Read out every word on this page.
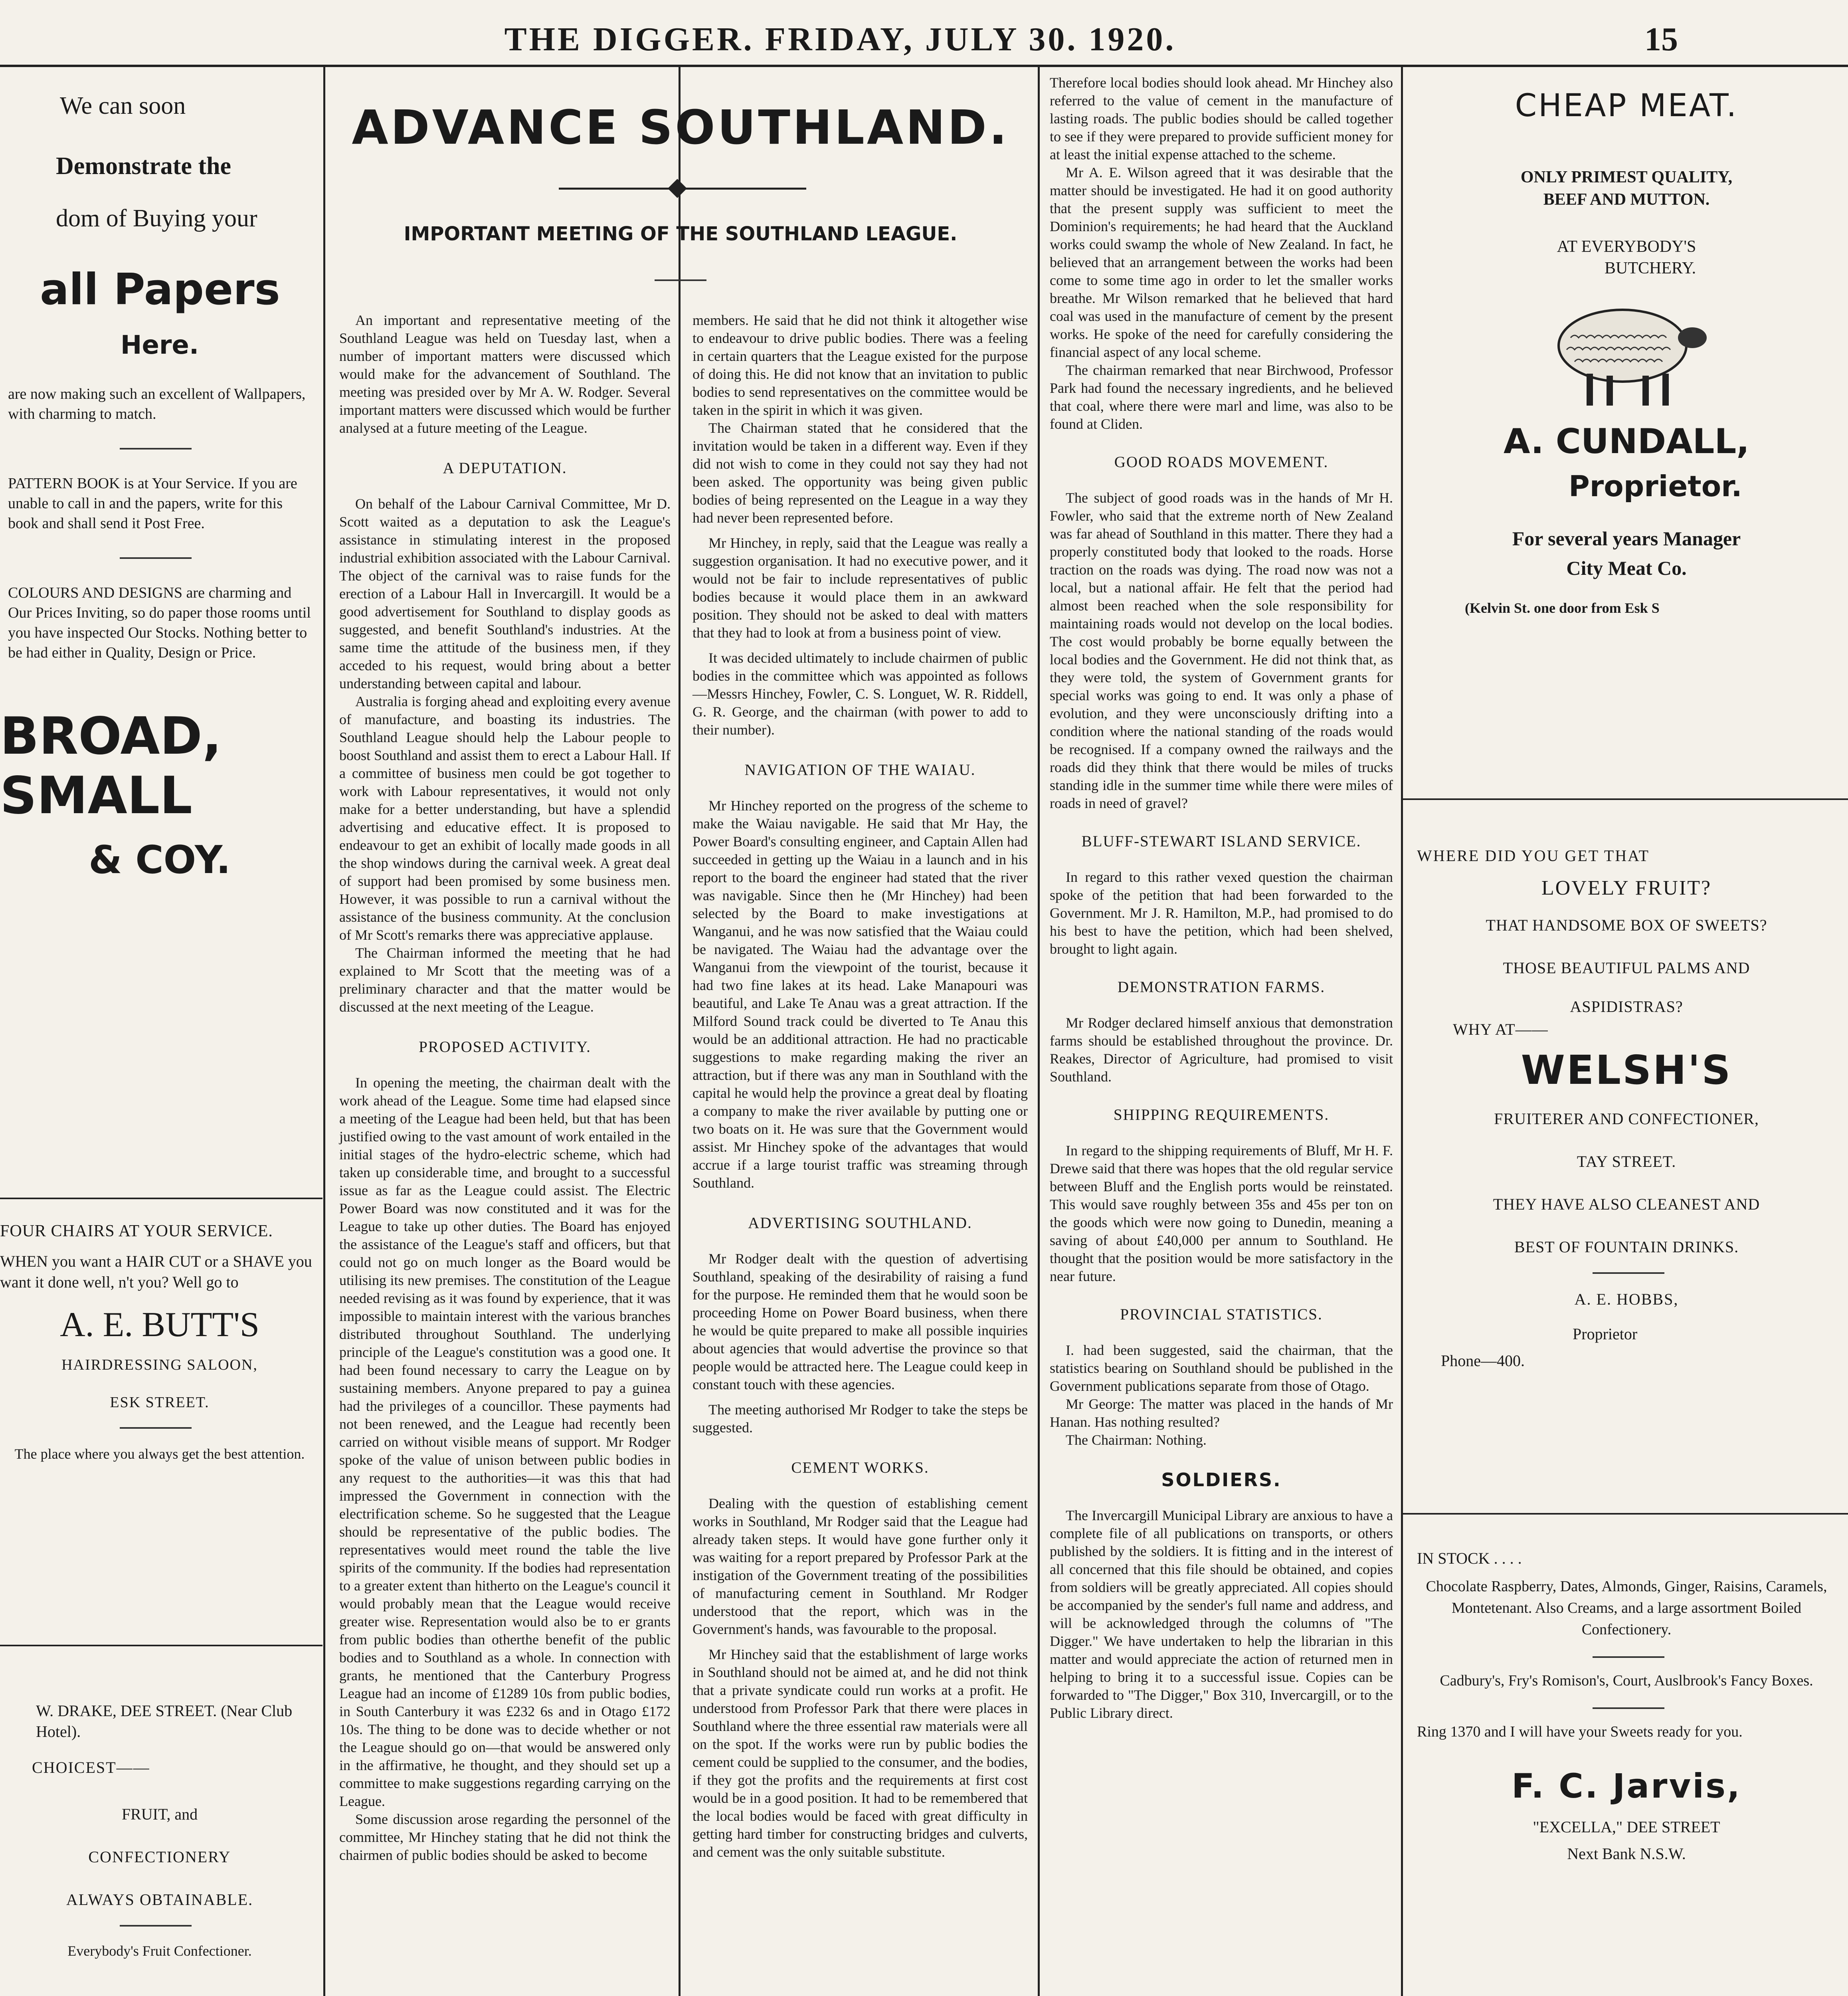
THE DIGGER. FRIDAY, JULY 30. 1920.	15
We can soon
Demonstrate the
dom of Buying your
all Papers
Here.
are now making such an excellent of Wallpapers, with charming to match.
PATTERN BOOK is at Your Service. If you are unable to call in and the papers, write for this book and shall send it Post Free.
COLOURS AND DESIGNS are charming and Our Prices Inviting, so do paper those rooms until you have inspected Our Stocks. Nothing better to be had either in Quality, Design or Price.
BROAD, SMALL
& COY.
FOUR CHAIRS AT YOUR SERVICE.
WHEN you want a HAIR CUT or a SHAVE you want it done well, n't you? Well go to
A. E. BUTT'S
HAIRDRESSING SALOON,
ESK STREET.
The place where you always get the best attention.
W. DRAKE, DEE STREET. (Near Club Hotel).
CHOICEST——
FRUIT, and
CONFECTIONERY
ALWAYS OBTAINABLE.
Everybody's Fruit Confectioner.
ADVANCE SOUTHLAND.
IMPORTANT MEETING OF THE SOUTHLAND LEAGUE.

An important and representative meeting of the Southland League was held on Tuesday last, when a number of important matters were discussed which would make for the advancement of Southland. The meeting was presided over by Mr A. W. Rodger. Several important matters were discussed which would be further analysed at a future meeting of the League.

A DEPUTATION.

On behalf of the Labour Carnival Committee, Mr D. Scott waited as a deputation to ask the League's assistance in stimulating interest in the proposed industrial exhibition associated with the Labour Carnival. The object of the carnival was to raise funds for the erection of a Labour Hall in Invercargill. It would be a good advertisement for Southland to display goods as suggested, and benefit Southland's industries. At the same time the attitude of the business men, if they acceded to his request, would bring about a better understanding between capital and labour.

Australia is forging ahead and exploiting every avenue of manufacture, and boasting its industries. The Southland League should help the Labour people to boost Southland and assist them to erect a Labour Hall. If a committee of business men could be got together to work with Labour representatives, it would not only make for a better understanding, but have a splendid advertising and educative effect. It is proposed to endeavour to get an exhibit of locally made goods in all the shop windows during the carnival week. A great deal of support had been promised by some business men. However, it was possible to run a carnival without the assistance of the business community. At the conclusion of Mr Scott's remarks there was appreciative applause.

The Chairman informed the meeting that he had explained to Mr Scott that the meeting was of a preliminary character and that the matter would be discussed at the next meeting of the League.

PROPOSED ACTIVITY.

In opening the meeting, the chairman dealt with the work ahead of the League. Some time had elapsed since a meeting of the League had been held, but that has been justified owing to the vast amount of work entailed in the initial stages of the hydro-electric scheme, which had taken up considerable time, and brought to a successful issue as far as the League could assist. The Electric Power Board was now constituted and it was for the League to take up other duties. The Board has enjoyed the assistance of the League's staff and officers, but that could not go on much longer as the Board would be utilising its new premises. The constitution of the League needed revising as it was found by experience, that it was impossible to maintain interest with the various branches distributed throughout Southland. The underlying principle of the League's constitution was a good one. It had been found necessary to carry the League on by sustaining members. Anyone prepared to pay a guinea had the privileges of a councillor. These payments had not been renewed, and the League had recently been carried on without visible means of support. Mr Rodger spoke of the value of unison between public bodies in any request to the authorities—it was this that had impressed the Government in connection with the electrification scheme. So he suggested that the League should be representative of the public bodies. The representatives would meet round the table the live spirits of the community. If the bodies had representation to a greater extent than hitherto on the League's council it would probably mean that the League would receive greater wise. Representation would also be to er grants from public bodies than otherthe benefit of the public bodies and to Southland as a whole. In connection with grants, he mentioned that the Canterbury Progress League had an income of £1289 10s from public bodies, in South Canterbury it was £232 6s and in Otago £172 10s. The thing to be done was to decide whether or not the League should go on—that would be answered only in the affirmative, he thought, and they should set up a committee to make suggestions regarding carrying on the League.

Some discussion arose regarding the personnel of the committee, Mr Hinchey stating that he did not think the chairmen of public bodies should be asked to become

members. He said that he did not think it altogether wise to endeavour to drive public bodies. There was a feeling in certain quarters that the League existed for the purpose of doing this. He did not know that an invitation to public bodies to send representatives on the committee would be taken in the spirit in which it was given.

The Chairman stated that he considered that the invitation would be taken in a different way. Even if they did not wish to come in they could not say they had not been asked. The opportunity was being given public bodies of being represented on the League in a way they had never been represented before.

Mr Hinchey, in reply, said that the League was really a suggestion organisation. It had no executive power, and it would not be fair to include representatives of public bodies because it would place them in an awkward position. They should not be asked to deal with matters that they had to look at from a business point of view.

It was decided ultimately to include chairmen of public bodies in the committee which was appointed as follows—Messrs Hinchey, Fowler, C. S. Longuet, W. R. Riddell, G. R. George, and the chairman (with power to add to their number).

NAVIGATION OF THE WAIAU.

Mr Hinchey reported on the progress of the scheme to make the Waiau navigable. He said that Mr Hay, the Power Board's consulting engineer, and Captain Allen had succeeded in getting up the Waiau in a launch and in his report to the board the engineer had stated that the river was navigable. Since then he (Mr Hinchey) had been selected by the Board to make investigations at Wanganui, and he was now satisfied that the Waiau could be navigated. The Waiau had the advantage over the Wanganui from the viewpoint of the tourist, because it had two fine lakes at its head. Lake Manapouri was beautiful, and Lake Te Anau was a great attraction. If the Milford Sound track could be diverted to Te Anau this would be an additional attraction. He had no practicable suggestions to make regarding making the river an attraction, but if there was any man in Southland with the capital he would help the province a great deal by floating a company to make the river available by putting one or two boats on it. He was sure that the Government would assist. Mr Hinchey spoke of the advantages that would accrue if a large tourist traffic was streaming through Southland.

ADVERTISING SOUTHLAND.

Mr Rodger dealt with the question of advertising Southland, speaking of the desirability of raising a fund for the purpose. He reminded them that he would soon be proceeding Home on Power Board business, when there he would be quite prepared to make all possible inquiries about agencies that would advertise the province so that people would be attracted here. The League could keep in constant touch with these agencies.

The meeting authorised Mr Rodger to take the steps be suggested.

CEMENT WORKS.

Dealing with the question of establishing cement works in Southland, Mr Rodger said that the League had already taken steps. It would have gone further only it was waiting for a report prepared by Professor Park at the instigation of the Government treating of the possibilities of manufacturing cement in Southland. Mr Rodger understood that the report, which was in the Government's hands, was favourable to the proposal.

Mr Hinchey said that the establishment of large works in Southland should not be aimed at, and he did not think that a private syndicate could run works at a profit. He understood from Professor Park that there were places in Southland where the three essential raw materials were all on the spot. If the works were run by public bodies the cement could be supplied to the consumer, and the bodies, if they got the profits and the requirements at first cost would be in a good position. It had to be remembered that the local bodies would be faced with great difficulty in getting hard timber for constructing bridges and culverts, and cement was the only suitable substitute.

Therefore local bodies should look ahead. Mr Hinchey also referred to the value of cement in the manufacture of lasting roads. The public bodies should be called together to see if they were prepared to provide sufficient money for at least the initial expense attached to the scheme.

Mr A. E. Wilson agreed that it was desirable that the matter should be investigated. He had it on good authority that the present supply was sufficient to meet the Dominion's requirements; he had heard that the Auckland works could swamp the whole of New Zealand. In fact, he believed that an arrangement between the works had been come to some time ago in order to let the smaller works breathe. Mr Wilson remarked that he believed that hard coal was used in the manufacture of cement by the present works. He spoke of the need for carefully considering the financial aspect of any local scheme.

The chairman remarked that near Birchwood, Professor Park had found the necessary ingredients, and he believed that coal, where there were marl and lime, was also to be found at Cliden.

GOOD ROADS MOVEMENT.

The subject of good roads was in the hands of Mr H. Fowler, who said that the extreme north of New Zealand was far ahead of Southland in this matter. There they had a properly constituted body that looked to the roads. Horse traction on the roads was dying. The road now was not a local, but a national affair. He felt that the period had almost been reached when the sole responsibility for maintaining roads would not develop on the local bodies. The cost would probably be borne equally between the local bodies and the Government. He did not think that, as they were told, the system of Government grants for special works was going to end. It was only a phase of evolution, and they were unconsciously drifting into a condition where the national standing of the roads would be recognised. If a company owned the railways and the roads did they think that there would be miles of trucks standing idle in the summer time while there were miles of roads in need of gravel?

BLUFF-STEWART ISLAND SERVICE.

In regard to this rather vexed question the chairman spoke of the petition that had been forwarded to the Government. Mr J. R. Hamilton, M.P., had promised to do his best to have the petition, which had been shelved, brought to light again.

DEMONSTRATION FARMS.

Mr Rodger declared himself anxious that demonstration farms should be established throughout the province. Dr. Reakes, Director of Agriculture, had promised to visit Southland.

SHIPPING REQUIREMENTS.

In regard to the shipping requirements of Bluff, Mr H. F. Drewe said that there was hopes that the old regular service between Bluff and the English ports would be reinstated. This would save roughly between 35s and 45s per ton on the goods which were now going to Dunedin, meaning a saving of about £40,000 per annum to Southland. He thought that the position would be more satisfactory in the near future.

PROVINCIAL STATISTICS.

I. had been suggested, said the chairman, that the statistics bearing on Southland should be published in the Government publications separate from those of Otago.

Mr George: The matter was placed in the hands of Mr Hanan. Has nothing resulted?

The Chairman: Nothing.

SOLDIERS.

The Invercargill Municipal Library are anxious to have a complete file of all publications on transports, or others published by the soldiers. It is fitting and in the interest of all concerned that this file should be obtained, and copies from soldiers will be greatly appreciated. All copies should be accompanied by the sender's full name and address, and will be acknowledged through the columns of "The Digger." We have undertaken to help the librarian in this matter and would appreciate the action of returned men in helping to bring it to a successful issue. Copies can be forwarded to "The Digger," Box 310, Invercargill, or to the Public Library direct.

CHEAP MEAT.
ONLY PRIMEST QUALITY,
BEEF AND MUTTON.
AT EVERYBODY'S
BUTCHERY.
A. CUNDALL,
Proprietor.
For several years Manager
City Meat Co.
(Kelvin St. one door from Esk S
WHERE DID YOU GET THAT
LOVELY FRUIT?
THAT HANDSOME BOX OF SWEETS?
THOSE BEAUTIFUL PALMS AND
ASPIDISTRAS?
WHY AT——
WELSH'S
FRUITERER AND CONFECTIONER,
TAY STREET.
THEY HAVE ALSO CLEANEST AND
BEST OF FOUNTAIN DRINKS.
A. E. HOBBS,
Proprietor
Phone—400.
IN STOCK . . . .
Chocolate Raspberry, Dates, Almonds, Ginger, Raisins, Caramels, Montetenant. Also Creams, and a large assortment Boiled Confectionery.
Cadbury's, Fry's Romison's, Court, Auslbrook's Fancy Boxes.
Ring 1370 and I will have your Sweets ready for you.
F. C. Jarvis,
"EXCELLA," DEE STREET
Next Bank N.S.W.
